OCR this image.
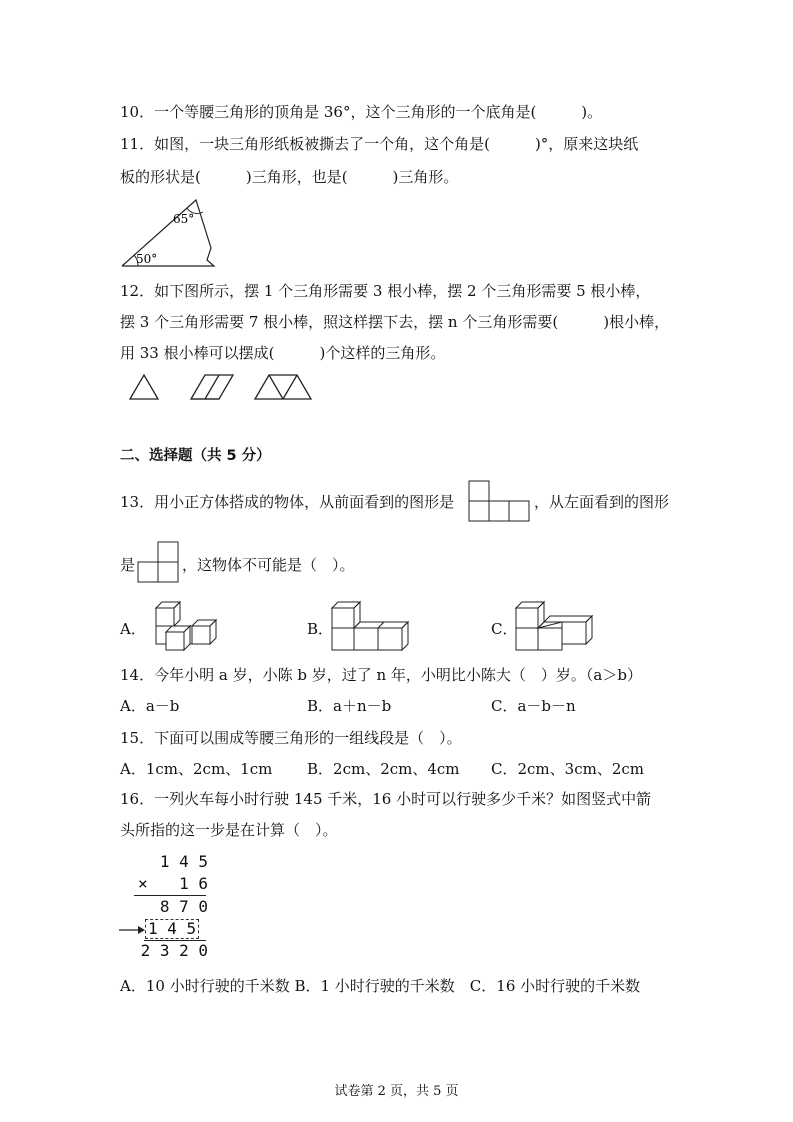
10．一个等腰三角形的顶角是 36°，这个三角形的一个底角是(　　　)。
11．如图，一块三角形纸板被撕去了一个角，这个角是(　　　)°，原来这块纸
板的形状是(　　　)三角形，也是(　　　)三角形。
65°
50°
12．如下图所示，摆 1 个三角形需要 3 根小棒，摆 2 个三角形需要 5 根小棒，
摆 3 个三角形需要 7 根小棒，照这样摆下去，摆 n 个三角形需要(　　　)根小棒，
用 33 根小棒可以摆成(　　　)个这样的三角形。
二、选择题（共 5 分）
13．用小正方体搭成的物体，从前面看到的图形是	，从左面看到的图形
是	，这物体不可能是（　）。
A．	B．	C．
14．今年小明 a 岁，小陈 b 岁，过了 n 年，小明比小陈大（　）岁。（a＞b）
A．a－b	B．a＋n－b	C．a－b－n
15．下面可以围成等腰三角形的一组线段是（　）。
A．1cm、2cm、1cm B．2cm、2cm、4cm C．2cm、3cm、2cm
16．一列火车每小时行驶 145 千米，16 小时可以行驶多少千米？如图竖式中箭
头所指的这一步是在计算（　）。
1 4 5
× 1 6
8 7 0
1 4 5
2 3 2 0
A．10 小时行驶的千米数 B．1 小时行驶的千米数　C．16 小时行驶的千米数
试卷第 2 页，共 5 页
